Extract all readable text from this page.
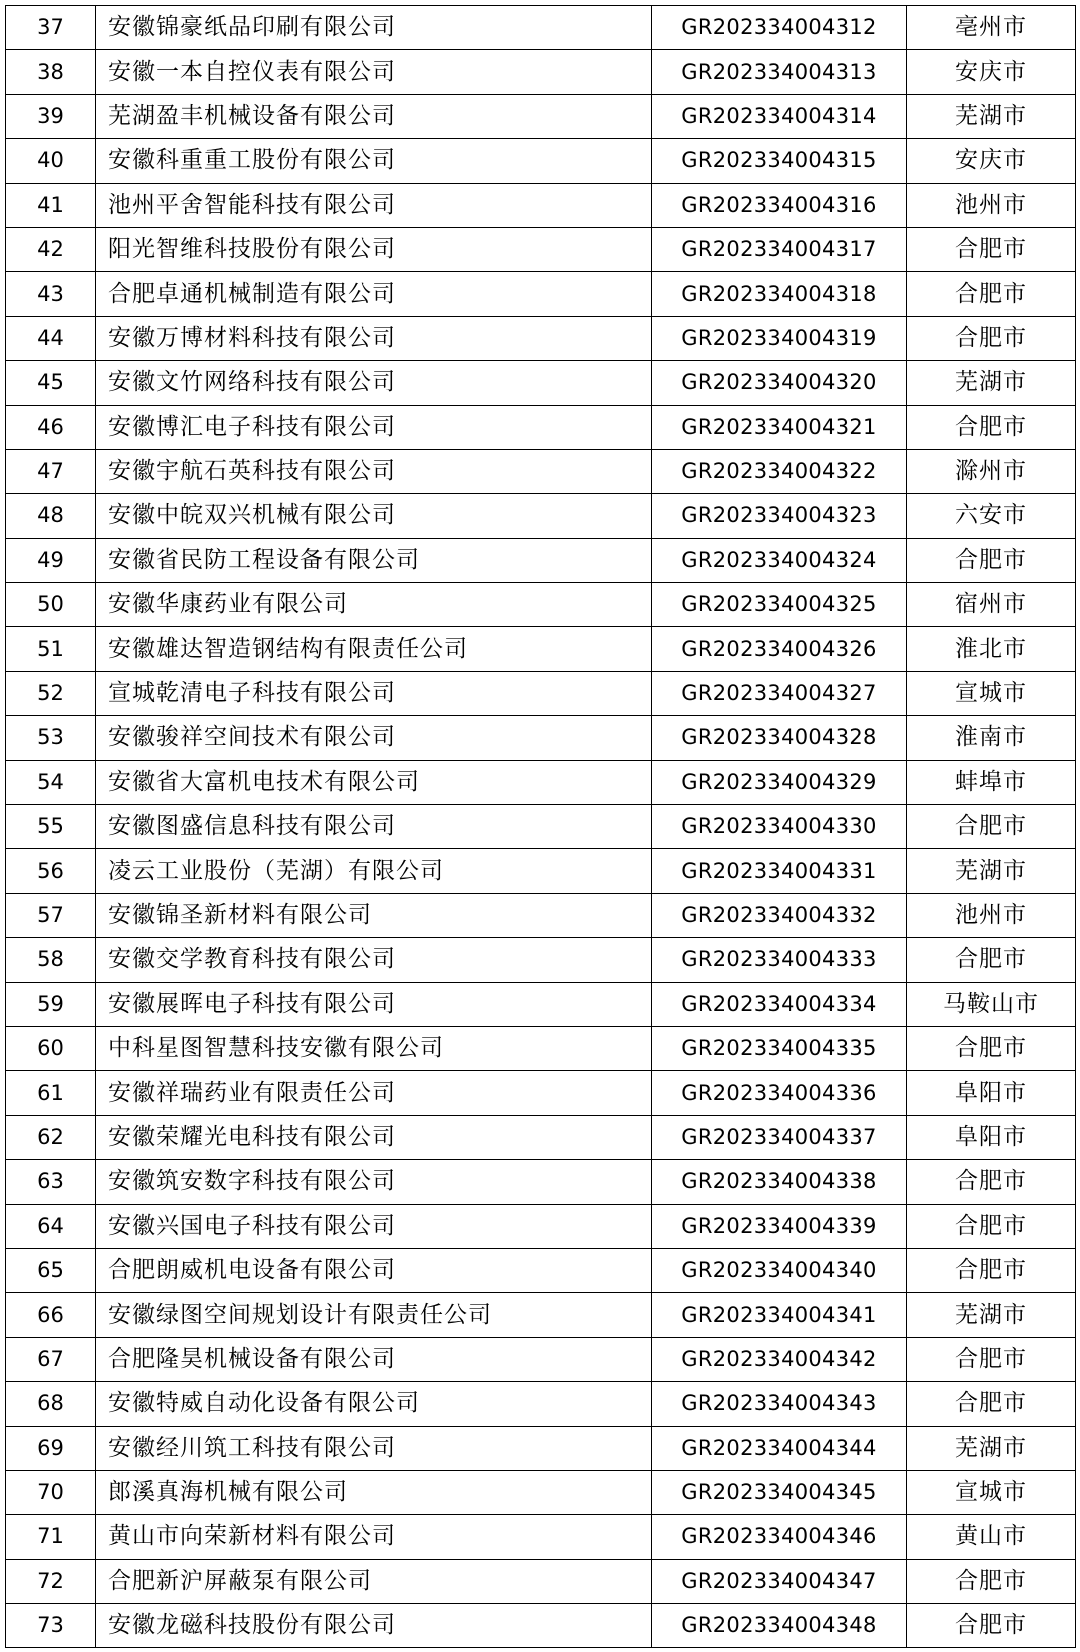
37	安徽锦豪纸品印刷有限公司	GR202334004312	亳州市
38	安徽一本自控仪表有限公司	GR202334004313	安庆市
39	芜湖盈丰机械设备有限公司	GR202334004314	芜湖市
40	安徽科重重工股份有限公司	GR202334004315	安庆市
41	池州平舍智能科技有限公司	GR202334004316	池州市
42	阳光智维科技股份有限公司	GR202334004317	合肥市
43	合肥卓通机械制造有限公司	GR202334004318	合肥市
44	安徽万博材料科技有限公司	GR202334004319	合肥市
45	安徽文竹网络科技有限公司	GR202334004320	芜湖市
46	安徽博汇电子科技有限公司	GR202334004321	合肥市
47	安徽宇航石英科技有限公司	GR202334004322	滁州市
48	安徽中皖双兴机械有限公司	GR202334004323	六安市
49	安徽省民防工程设备有限公司	GR202334004324	合肥市
50	安徽华康药业有限公司	GR202334004325	宿州市
51	安徽雄达智造钢结构有限责任公司	GR202334004326	淮北市
52	宣城乾清电子科技有限公司	GR202334004327	宣城市
53	安徽骏祥空间技术有限公司	GR202334004328	淮南市
54	安徽省大富机电技术有限公司	GR202334004329	蚌埠市
55	安徽图盛信息科技有限公司	GR202334004330	合肥市
56	凌云工业股份（芜湖）有限公司	GR202334004331	芜湖市
57	安徽锦圣新材料有限公司	GR202334004332	池州市
58	安徽交学教育科技有限公司	GR202334004333	合肥市
59	安徽展晖电子科技有限公司	GR202334004334	马鞍山市
60	中科星图智慧科技安徽有限公司	GR202334004335	合肥市
61	安徽祥瑞药业有限责任公司	GR202334004336	阜阳市
62	安徽荣耀光电科技有限公司	GR202334004337	阜阳市
63	安徽筑安数字科技有限公司	GR202334004338	合肥市
64	安徽兴国电子科技有限公司	GR202334004339	合肥市
65	合肥朗威机电设备有限公司	GR202334004340	合肥市
66	安徽绿图空间规划设计有限责任公司	GR202334004341	芜湖市
67	合肥隆昊机械设备有限公司	GR202334004342	合肥市
68	安徽特威自动化设备有限公司	GR202334004343	合肥市
69	安徽经川筑工科技有限公司	GR202334004344	芜湖市
70	郎溪真海机械有限公司	GR202334004345	宣城市
71	黄山市向荣新材料有限公司	GR202334004346	黄山市
72	合肥新沪屏蔽泵有限公司	GR202334004347	合肥市
73	安徽龙磁科技股份有限公司	GR202334004348	合肥市
